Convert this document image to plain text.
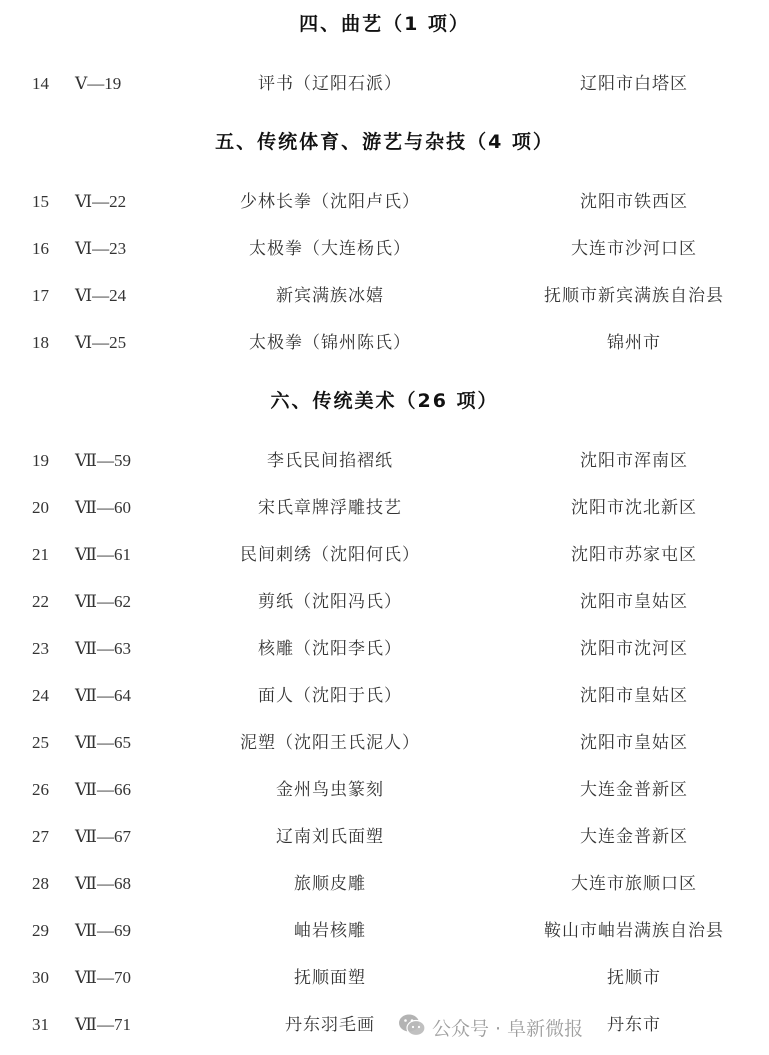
四、曲艺（1 项）
14 Ⅴ—19	评书（辽阳石派）	辽阳市白塔区
五、传统体育、游艺与杂技（4 项）
15 Ⅵ—22	少林长拳（沈阳卢氏）	沈阳市铁西区
16 Ⅵ—23	太极拳（大连杨氏）	大连市沙河口区
17 Ⅵ—24	新宾满族冰嬉	抚顺市新宾满族自治县
18 Ⅵ—25	太极拳（锦州陈氏）	锦州市
六、传统美术（26 项）
19 Ⅶ—59	李氏民间掐褶纸	沈阳市浑南区
20 Ⅶ—60	宋氏章牌浮雕技艺	沈阳市沈北新区
21 Ⅶ—61	民间刺绣（沈阳何氏）	沈阳市苏家屯区
22 Ⅶ—62	剪纸（沈阳冯氏）	沈阳市皇姑区
23 Ⅶ—63	核雕（沈阳李氏）	沈阳市沈河区
24 Ⅶ—64	面人（沈阳于氏）	沈阳市皇姑区
25 Ⅶ—65	泥塑（沈阳王氏泥人）	沈阳市皇姑区
26 Ⅶ—66	金州鸟虫篆刻	大连金普新区
27 Ⅶ—67	辽南刘氏面塑	大连金普新区
28 Ⅶ—68	旅顺皮雕	大连市旅顺口区
29 Ⅶ—69	岫岩核雕	鞍山市岫岩满族自治县
30 Ⅶ—70	抚顺面塑	抚顺市
31 Ⅶ—71	丹东羽毛画	丹东市
公众号 · 阜新微报
